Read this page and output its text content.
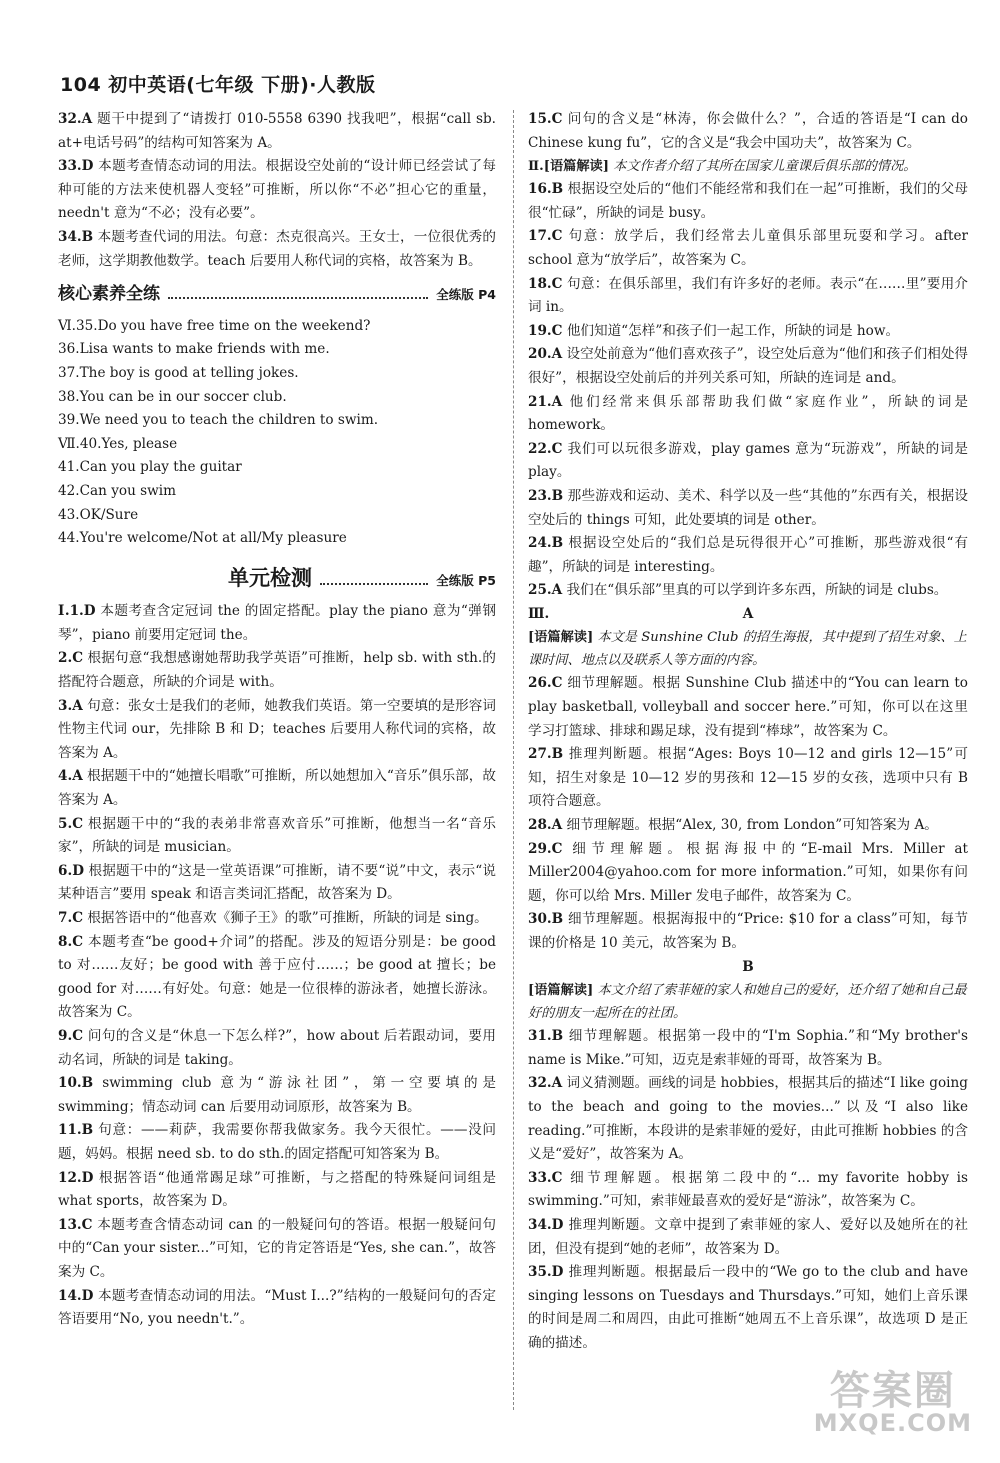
104 初中英语(七年级 下册)·人教版

32.A 题干中提到了“请拨打 010-5558 6390 找我吧”，根据“call sb. at+电话号码”的结构可知答案为 A。

33.D 本题考查情态动词的用法。根据设空处前的“设计师已经尝试了每种可能的方法来使机器人变轻”可推断，所以你“不必”担心它的重量，needn't 意为“不必；没有必要”。

34.B 本题考查代词的用法。句意：杰克很高兴。王女士，一位很优秀的老师，这学期教他数学。teach 后要用人称代词的宾格，故答案为 B。

核心素养全练	全练版 P4

Ⅵ.35.Do you have free time on the weekend?

36.Lisa wants to make friends with me.

37.The boy is good at telling jokes.

38.You can be in our soccer club.

39.We need you to teach the children to swim.

Ⅶ.40.Yes, please

41.Can you play the guitar

42.Can you swim

43.OK/Sure

44.You're welcome/Not at all/My pleasure

单元检测	全练版 P5

Ⅰ.1.D 本题考查含定冠词 the 的固定搭配。play the piano 意为“弹钢琴”，piano 前要用定冠词 the。

2.C 根据句意“我想感谢她帮助我学英语”可推断，help sb. with sth.的搭配符合题意，所缺的介词是 with。

3.A 句意：张女士是我们的老师，她教我们英语。第一空要填的是形容词性物主代词 our，先排除 B 和 D；teaches 后要用人称代词的宾格，故答案为 A。

4.A 根据题干中的“她擅长唱歌”可推断，所以她想加入“音乐”俱乐部，故答案为 A。

5.C 根据题干中的“我的表弟非常喜欢音乐”可推断，他想当一名“音乐家”，所缺的词是 musician。

6.D 根据题干中的“这是一堂英语课”可推断，请不要“说”中文，表示“说某种语言”要用 speak 和语言类词汇搭配，故答案为 D。

7.C 根据答语中的“他喜欢《狮子王》的歌”可推断，所缺的词是 sing。

8.C 本题考查“be good+介词”的搭配。涉及的短语分别是：be good to 对……友好；be good with 善于应付……；be good at 擅长；be good for 对……有好处。句意：她是一位很棒的游泳者，她擅长游泳。故答案为 C。

9.C 问句的含义是“休息一下怎么样?”，how about 后若跟动词，要用动名词，所缺的词是 taking。

10.B swimming club 意为“游泳社团”，第一空要填的是 swimming；情态动词 can 后要用动词原形，故答案为 B。

11.B 句意：——莉萨，我需要你帮我做家务。我今天很忙。——没问题，妈妈。根据 need sb. to do sth.的固定搭配可知答案为 B。

12.D 根据答语“他通常踢足球”可推断，与之搭配的特殊疑问词组是 what sports，故答案为 D。

13.C 本题考查含情态动词 can 的一般疑问句的答语。根据一般疑问句中的“Can your sister...”可知，它的肯定答语是“Yes, she can.”，故答案为 C。

14.D 本题考查情态动词的用法。“Must I...?”结构的一般疑问句的否定答语要用“No, you needn't.”。

15.C 问句的含义是“林涛，你会做什么？”，合适的答语是“I can do Chinese kung fu”，它的含义是“我会中国功夫”，故答案为 C。

Ⅱ.[语篇解读] 本文作者介绍了其所在国家儿童课后俱乐部的情况。

16.B 根据设空处后的“他们不能经常和我们在一起”可推断，我们的父母很“忙碌”，所缺的词是 busy。

17.C 句意：放学后，我们经常去儿童俱乐部里玩耍和学习。after school 意为“放学后”，故答案为 C。

18.C 句意：在俱乐部里，我们有许多好的老师。表示“在……里”要用介词 in。

19.C 他们知道“怎样”和孩子们一起工作，所缺的词是 how。

20.A 设空处前意为“他们喜欢孩子”，设空处后意为“他们和孩子们相处得很好”，根据设空处前后的并列关系可知，所缺的连词是 and。

21.A 他们经常来俱乐部帮助我们做“家庭作业”，所缺的词是 homework。

22.C 我们可以玩很多游戏，play games 意为“玩游戏”，所缺的词是 play。

23.B 那些游戏和运动、美术、科学以及一些“其他的”东西有关，根据设空处后的 things 可知，此处要填的词是 other。

24.B 根据设空处后的“我们总是玩得很开心”可推断，那些游戏很“有趣”，所缺的词是 interesting。

25.A 我们在“俱乐部”里真的可以学到许多东西，所缺的词是 clubs。

Ⅲ.	A

[语篇解读] 本文是 Sunshine Club 的招生海报，其中提到了招生对象、上课时间、地点以及联系人等方面的内容。

26.C 细节理解题。根据 Sunshine Club 描述中的“You can learn to play basketball, volleyball and soccer here.”可知，你可以在这里学习打篮球、排球和踢足球，没有提到“棒球”，故答案为 C。

27.B 推理判断题。根据“Ages: Boys 10—12 and girls 12—15”可知，招生对象是 10—12 岁的男孩和 12—15 岁的女孩，选项中只有 B 项符合题意。

28.A 细节理解题。根据“Alex, 30, from London”可知答案为 A。

29.C 细节理解题。根据海报中的“E-mail Mrs. Miller at Miller2004@yahoo.com for more information.”可知，如果你有问题，你可以给 Mrs. Miller 发电子邮件，故答案为 C。

30.B 细节理解题。根据海报中的“Price: $10 for a class”可知，每节课的价格是 10 美元，故答案为 B。

B

[语篇解读] 本文介绍了索菲娅的家人和她自己的爱好，还介绍了她和自己最好的朋友一起所在的社团。

31.B 细节理解题。根据第一段中的“I'm Sophia.”和“My brother's name is Mike.”可知，迈克是索菲娅的哥哥，故答案为 B。

32.A 词义猜测题。画线的词是 hobbies，根据其后的描述“I like going to the beach and going to the movies...”以及“I also like reading.”可推断，本段讲的是索菲娅的爱好，由此可推断 hobbies 的含义是“爱好”，故答案为 A。

33.C 细节理解题。根据第二段中的“... my favorite hobby is swimming.”可知，索菲娅最喜欢的爱好是“游泳”，故答案为 C。

34.D 推理判断题。文章中提到了索菲娅的家人、爱好以及她所在的社团，但没有提到“她的老师”，故答案为 D。

35.D 推理判断题。根据最后一段中的“We go to the club and have singing lessons on Tuesdays and Thursdays.”可知，她们上音乐课的时间是周二和周四，由此可推断“她周五不上音乐课”，故选项 D 是正确的描述。

答案圈
MXQE.COM
